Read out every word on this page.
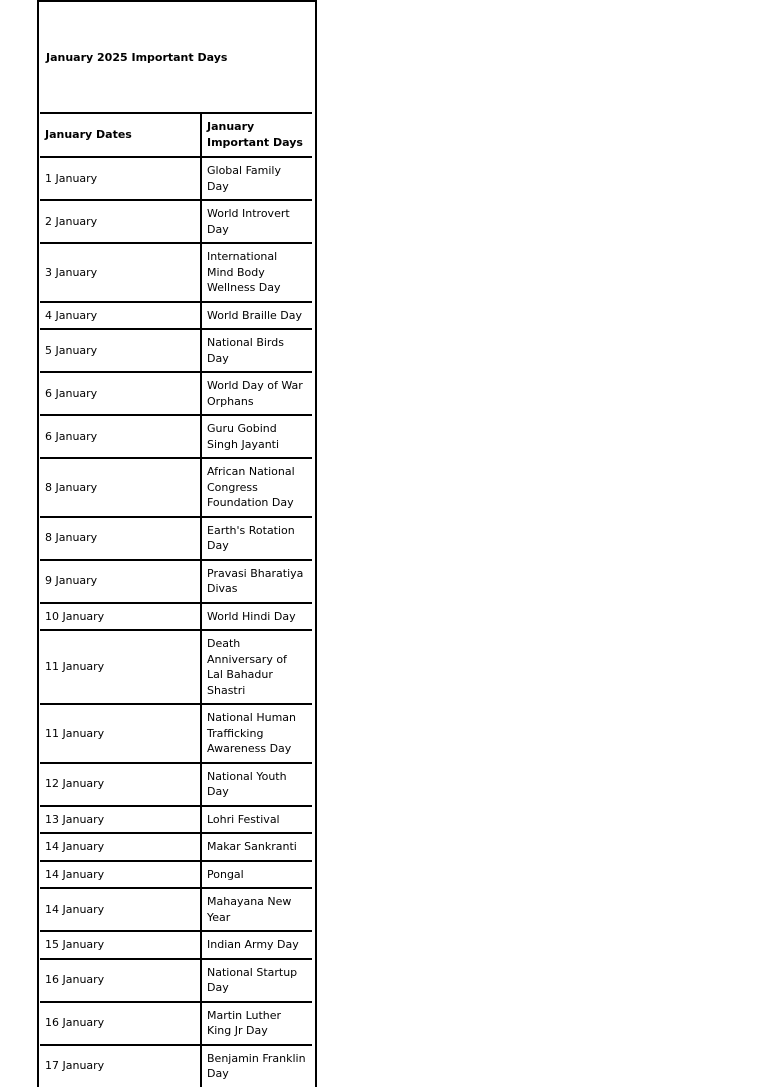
January 2025 Important Days
January Dates	January Important Days
1 January	Global Family Day
2 January	World Introvert Day
3 January	International Mind Body Wellness Day
4 January	World Braille Day
5 January	National Birds Day
6 January	World Day of War Orphans
6 January	Guru Gobind Singh Jayanti
8 January	African National Congress Foundation Day
8 January	Earth's Rotation Day
9 January	Pravasi Bharatiya Divas
10 January	World Hindi Day
11 January	Death Anniversary of Lal Bahadur Shastri
11 January	National Human Trafficking Awareness Day
12 January	National Youth Day
13 January	Lohri Festival
14 January	Makar Sankranti
14 January	Pongal
14 January	Mahayana New Year
15 January	Indian Army Day
16 January	National Startup Day
16 January	Martin Luther King Jr Day
17 January	Benjamin Franklin Day
